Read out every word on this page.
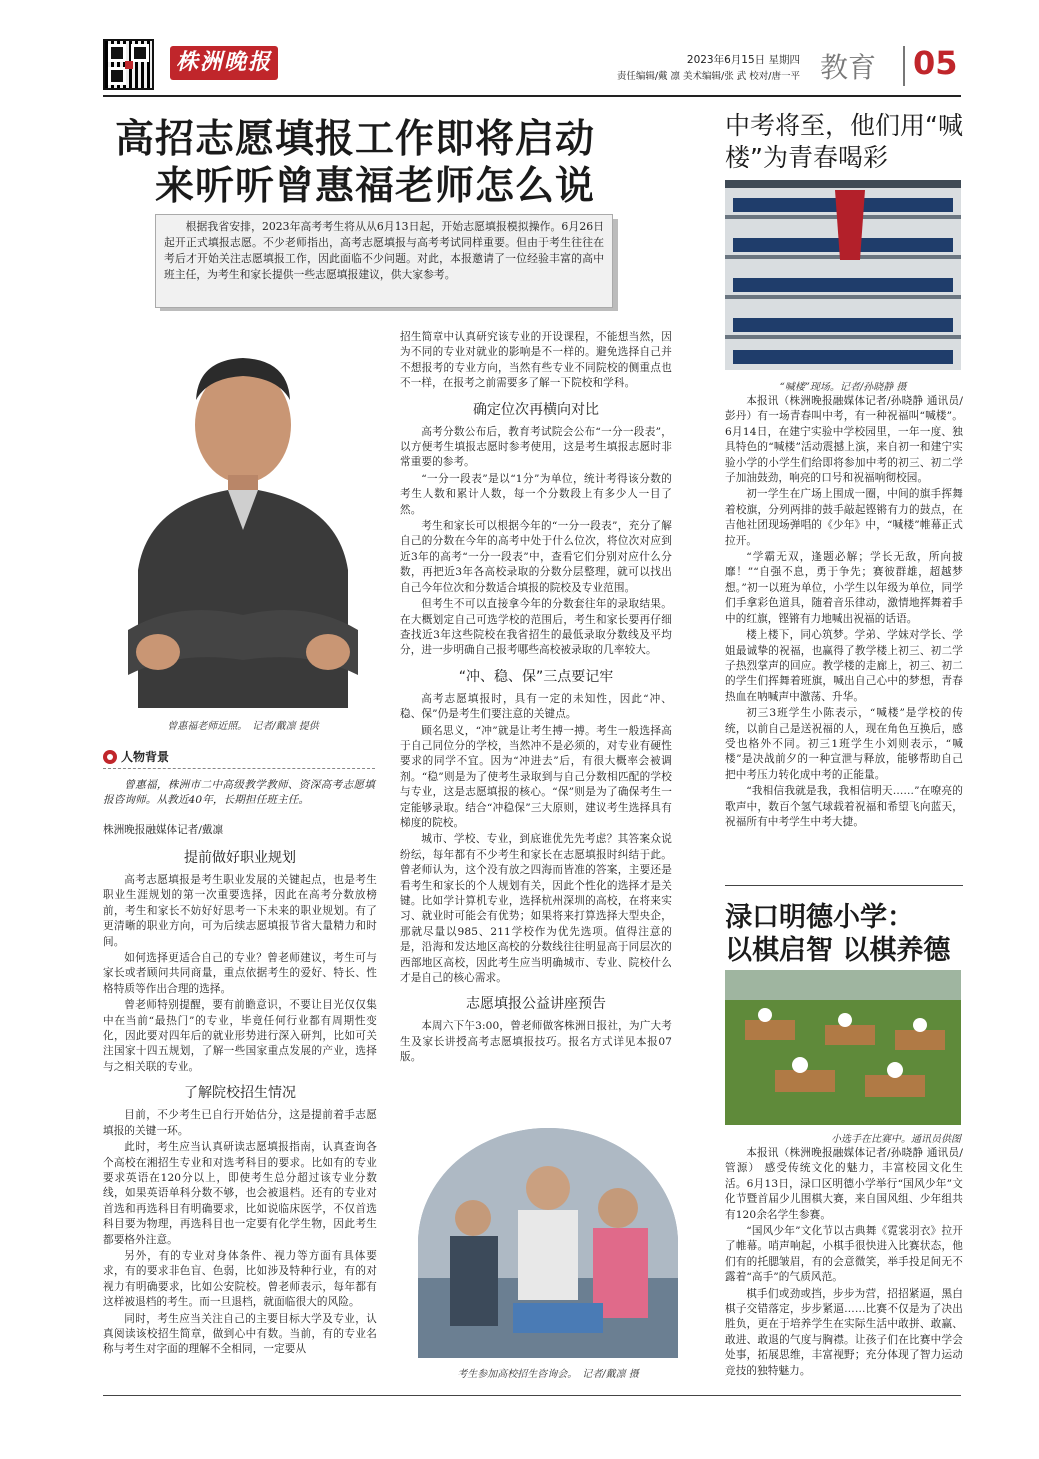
株洲晚报	2023年6月15日 星期四
责任编辑/戴 凛 美术编辑/张 武 校对/唐一平 教育 05
高招志愿填报工作即将启动
来听听曾惠福老师怎么说

根据我省安排，2023年高考考生将从从6月13日起，开始志愿填报模拟操作。6月26日起开正式填报志愿。不少老师指出，高考志愿填报与高考考试同样重要。但由于考生往往在考后才开始关注志愿填报工作，因此面临不少问题。对此，本报邀请了一位经验丰富的高中班主任，为考生和家长提供一些志愿填报建议，供大家参考。

曾惠福老师近照。　记者/戴凛 提供
人物背景

曾惠福，株洲市二中高级教学教师、资深高考志愿填报咨询师。从教近40年，长期担任班主任。

株洲晚报融媒体记者/戴凛

提前做好职业规划

高考志愿填报是考生职业发展的关键起点，也是考生职业生涯规划的第一次重要选择，因此在高考分数放榜前，考生和家长不妨好好思考一下未来的职业规划。有了更清晰的职业方向，可为后续志愿填报节省大量精力和时间。

如何选择更适合自己的专业？曾老师建议，考生可与家长或者顾问共同商量，重点依据考生的爱好、特长、性格特质等作出合理的选择。

曾老师特别提醒，要有前瞻意识，不要让目光仅仅集中在当前“最热门”的专业，毕竟任何行业都有周期性变化，因此要对四年后的就业形势进行深入研判，比如可关注国家十四五规划，了解一些国家重点发展的产业，选择与之相关联的专业。

了解院校招生情况

目前，不少考生已自行开始估分，这是提前着手志愿填报的关键一环。

此时，考生应当认真研读志愿填报指南，认真查询各个高校在湘招生专业和对选考科目的要求。比如有的专业要求英语在120分以上，即使考生总分超过该专业分数线，如果英语单科分数不够，也会被退档。还有的专业对首选和再选科目有明确要求，比如说临床医学，不仅首选科目要为物理，再选科目也一定要有化学生物，因此考生都要格外注意。

另外，有的专业对身体条件、视力等方面有具体要求，有的要求非色盲、色弱，比如涉及特种行业，有的对视力有明确要求，比如公安院校。曾老师表示，每年都有这样被退档的考生。而一旦退档，就面临很大的风险。

同时，考生应当关注自己的主要目标大学及专业，认真阅读该校招生简章，做到心中有数。当前，有的专业名称与考生对字面的理解不全相同，一定要从

招生简章中认真研究该专业的开设课程，不能想当然，因为不同的专业对就业的影响是不一样的。避免选择自己并不想报考的专业方向，当然有些专业不同院校的侧重点也不一样，在报考之前需要多了解一下院校和学科。

确定位次再横向对比

高考分数公布后，教育考试院会公布“一分一段表”，以方便考生填报志愿时参考使用，这是考生填报志愿时非常重要的参考。

“一分一段表”是以“1分”为单位，统计考得该分数的考生人数和累计人数，每一个分数段上有多少人一目了然。

考生和家长可以根据今年的“一分一段表”，充分了解自己的分数在今年的高考中处于什么位次，将位次对应到近3年的高考“一分一段表”中，查看它们分别对应什么分数，再把近3年各高校录取的分数分层整理，就可以找出自己今年位次和分数适合填报的院校及专业范围。

但考生不可以直接拿今年的分数套往年的录取结果。在大概划定自己可选学校的范围后，考生和家长要再仔细查找近3年这些院校在我省招生的最低录取分数线及平均分，进一步明确自己报考哪些高校被录取的几率较大。

“冲、稳、保”三点要记牢

高考志愿填报时，具有一定的未知性，因此“冲、稳、保”仍是考生们要注意的关键点。

顾名思义，“冲”就是让考生搏一搏。考生一般选择高于自己同位分的学校，当然冲不是必须的，对专业有硬性要求的同学不宜。因为“冲进去”后，有很大概率会被调剂。“稳”则是为了使考生录取到与自己分数相匹配的学校与专业，这是志愿填报的核心。“保”则是为了确保考生一定能够录取。结合“冲稳保”三大原则，建议考生选择具有梯度的院校。

城市、学校、专业，到底谁优先先考虑？其答案众说纷纭，每年都有不少考生和家长在志愿填报时纠结于此。曾老师认为，这个没有放之四海而皆准的答案，主要还是看考生和家长的个人规划有关，因此个性化的选择才是关键。比如学计算机专业，选择杭州深圳的高校，在将来实习、就业时可能会有优势；如果将来打算选择大型央企，那就尽量以985、211学校作为优先选项。值得注意的是，沿海和发达地区高校的分数线往往明显高于同层次的西部地区高校，因此考生应当明确城市、专业、院校什么才是自己的核心需求。

志愿填报公益讲座预告

本周六下午3:00，曾老师做客株洲日报社，为广大考生及家长讲授高考志愿填报技巧。报名方式详见本报07版。

考生参加高校招生咨询会。　记者/戴凛 摄
中考将至，他们用“喊
楼”为青春喝彩
“喊楼”现场。记者/孙晓静 摄

本报讯（株洲晚报融媒体记者/孙晓静 通讯员/彭丹）有一场青春叫中考，有一种祝福叫“喊楼”。6月14日，在建宁实验中学校园里，一年一度、独具特色的“喊楼”活动震撼上演，来自初一和建宁实验小学的小学生们给即将参加中考的初三、初二学子加油鼓劲，响亮的口号和祝福响彻校园。

初一学生在广场上围成一圈，中间的旗手挥舞着校旗，分列两排的鼓手敲起铿锵有力的鼓点，在吉他社团现场弹唱的《少年》中，“喊楼”帷幕正式拉开。

“学霸无双，逢题必解；学长无敌，所向披靡！”“自强不息，勇于争先；赛彼群雄，超越梦想。”初一以班为单位，小学生以年级为单位，同学们手拿彩色道具，随着音乐律动，激情地挥舞着手中的红旗，铿锵有力地喊出祝福的话语。

楼上楼下，同心筑梦。学弟、学妹对学长、学姐最诚挚的祝福，也赢得了教学楼上初三、初二学子热烈掌声的回应。教学楼的走廊上，初三、初二的学生们挥舞着班旗，喊出自己心中的梦想，青春热血在呐喊声中激荡、升华。

初三3班学生小陈表示，“喊楼”是学校的传统，以前自己是送祝福的人，现在角色互换后，感受也格外不同。初三1班学生小刘则表示，“喊楼”是决战前夕的一种宣泄与释放，能够帮助自己把中考压力转化成中考的正能量。

“我相信我就是我，我相信明天……”在嘹亮的歌声中，数百个氢气球载着祝福和希望飞向蓝天，祝福所有中考学生中考大捷。

渌口明德小学：
以棋启智 以棋养德
小选手在比赛中。通讯员供图

本报讯（株洲晚报融媒体记者/孙晓静 通讯员/管源） 感受传统文化的魅力，丰富校园文化生活。6月13日，渌口区明德小学举行“国风少年”文化节暨首届少儿围棋大赛，来自国风组、少年组共有120余名学生参赛。

“国风少年”文化节以古典舞《霓裳羽衣》拉开了帷幕。哨声响起，小棋手很快进入比赛状态，他们有的托腮皱眉，有的会意微笑，举手投足间无不露着“高手”的气质风范。

棋手们或劲或挡，步步为营，招招紧逼，黑白棋子交错落定，步步紧逼……比赛不仅是为了决出胜负，更在于培养学生在实际生活中敢拼、敢赢、敢进、敢退的气度与胸襟。让孩子们在比赛中学会处事，拓展思维，丰富视野；充分体现了智力运动竞技的独特魅力。
